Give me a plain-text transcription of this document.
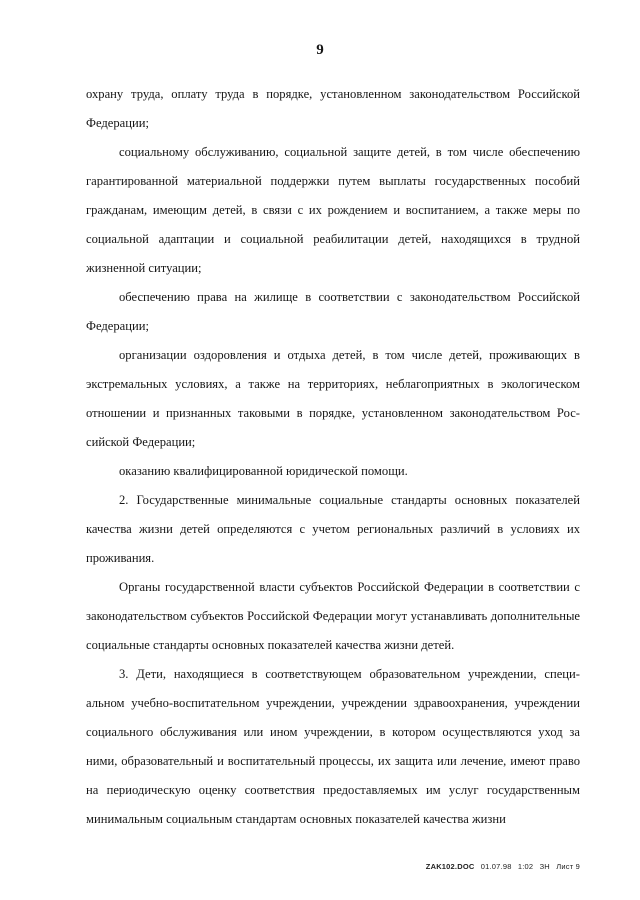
9

охрану труда, оплату труда в порядке, установленном законодательством Российской Федерации;

социальному обслуживанию, социальной защите детей, в том числе обеспечению гарантированной материальной поддержки путем выплаты государственных пособий гражданам, имеющим детей, в связи с их рождением и воспитанием, а также меры по социальной адаптации и социальной реабилитации детей, находящихся в трудной жизненной ситуации;

обеспечению права на жилище в соответствии с законодательством Российской Федерации;

организации оздоровления и отдыха детей, в том числе детей, проживающих в экстремальных условиях, а также на территориях, неблагоприятных в экологическом отношении и признанных таковыми в порядке, установленном законодательством Российской Федерации;

оказанию квалифицированной юридической помощи.

2. Государственные минимальные социальные стандарты основных показателей качества жизни детей определяются с учетом региональных различий в условиях их проживания.

Органы государственной власти субъектов Российской Федерации в соответствии с законодательством субъектов Российской Федерации могут устанавливать дополнительные социальные стандарты основных показателей качества жизни детей.

3. Дети, находящиеся в соответствующем образовательном учреждении, специальном учебно-воспитательном учреждении, учреждении здравоохранения, учреждении социального обслуживания или ином учреждении, в котором осуществляются уход за ними, образовательный и воспитательный процессы, их защита или лечение, имеют право на периодическую оценку соответствия предоставляемых им услуг государственным минимальным социальным стандартам основных показателей качества жизни

ZAK102.DOC 01.07.98 1:02 ЗН Лист 9
